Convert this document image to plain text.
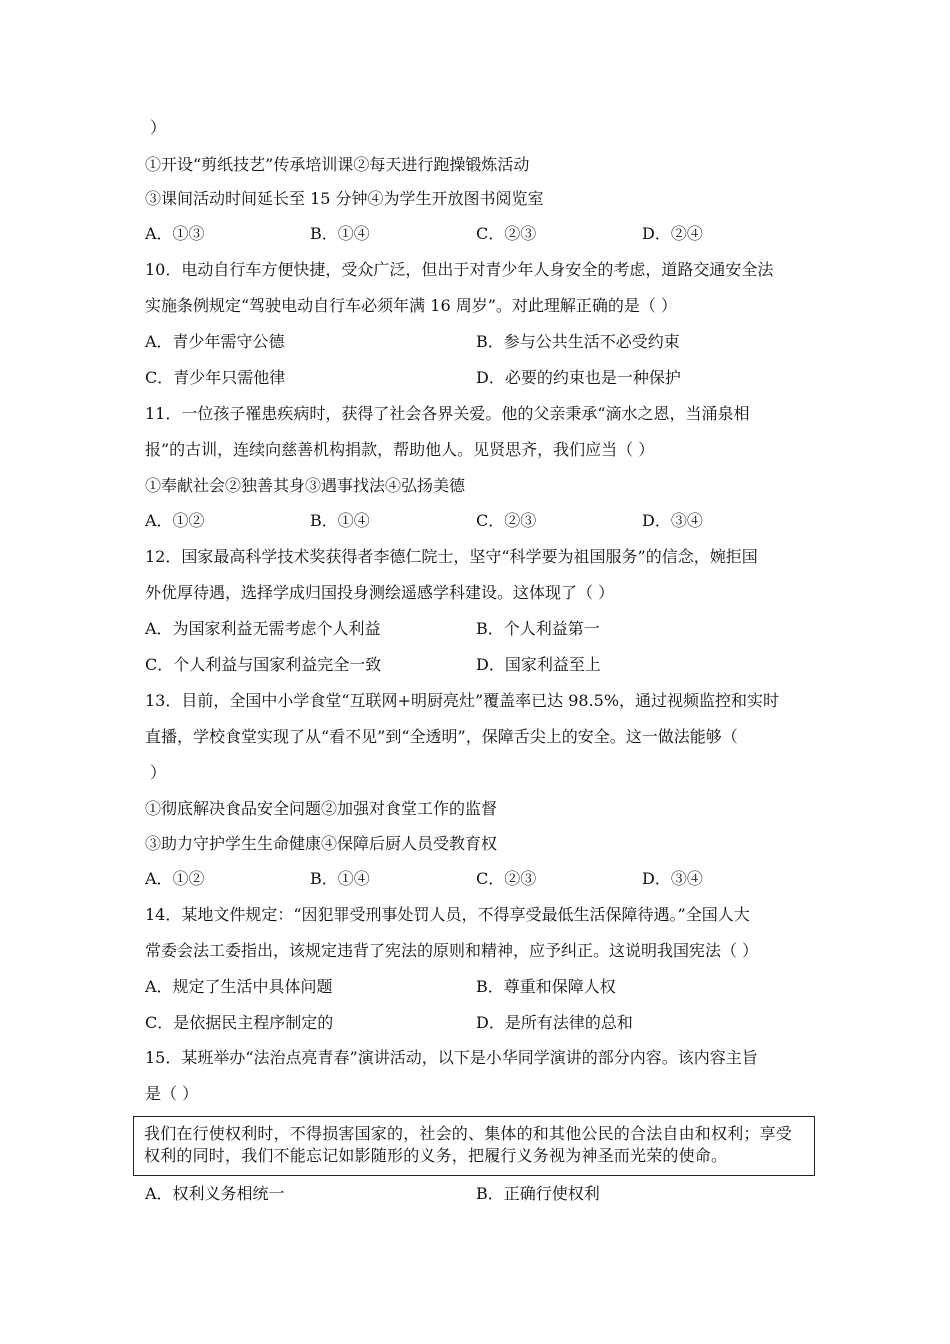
）
①开设“剪纸技艺”传承培训课②每天进行跑操锻炼活动
③课间活动时间延长至 15 分钟④为学生开放图书阅览室
A．①③	B．①④	C．②③	D．②④
10．电动自行车方便快捷，受众广泛，但出于对青少年人身安全的考虑，道路交通安全法
实施条例规定“驾驶电动自行车必须年满 16 周岁”。对此理解正确的是（ ）
A．青少年需守公德	B．参与公共生活不必受约束
C．青少年只需他律	D．必要的约束也是一种保护
11．一位孩子罹患疾病时，获得了社会各界关爱。他的父亲秉承“滴水之恩，当涌泉相
报”的古训，连续向慈善机构捐款，帮助他人。见贤思齐，我们应当（ ）
①奉献社会②独善其身③遇事找法④弘扬美德
A．①②	B．①④	C．②③	D．③④
12．国家最高科学技术奖获得者李德仁院士，坚守“科学要为祖国服务”的信念，婉拒国
外优厚待遇，选择学成归国投身测绘遥感学科建设。这体现了（ ）
A．为国家利益无需考虑个人利益	B．个人利益第一
C．个人利益与国家利益完全一致	D．国家利益至上
13．目前，全国中小学食堂“互联网+明厨亮灶”覆盖率已达 98.5%，通过视频监控和实时
直播，学校食堂实现了从“看不见”到“全透明”，保障舌尖上的安全。这一做法能够（
）
①彻底解决食品安全问题②加强对食堂工作的监督
③助力守护学生生命健康④保障后厨人员受教育权
A．①②	B．①④	C．②③	D．③④
14．某地文件规定：“因犯罪受刑事处罚人员，不得享受最低生活保障待遇。”全国人大
常委会法工委指出，该规定违背了宪法的原则和精神，应予纠正。这说明我国宪法（ ）
A．规定了生活中具体问题	B．尊重和保障人权
C．是依据民主程序制定的	D．是所有法律的总和
15．某班举办“法治点亮青春”演讲活动，以下是小华同学演讲的部分内容。该内容主旨
是（ ）

我们在行使权利时，不得损害国家的，社会的、集体的和其他公民的合法自由和权利；享受权利的同时，我们不能忘记如影随形的义务，把履行义务视为神圣而光荣的使命。

A．权利义务相统一	B．正确行使权利
